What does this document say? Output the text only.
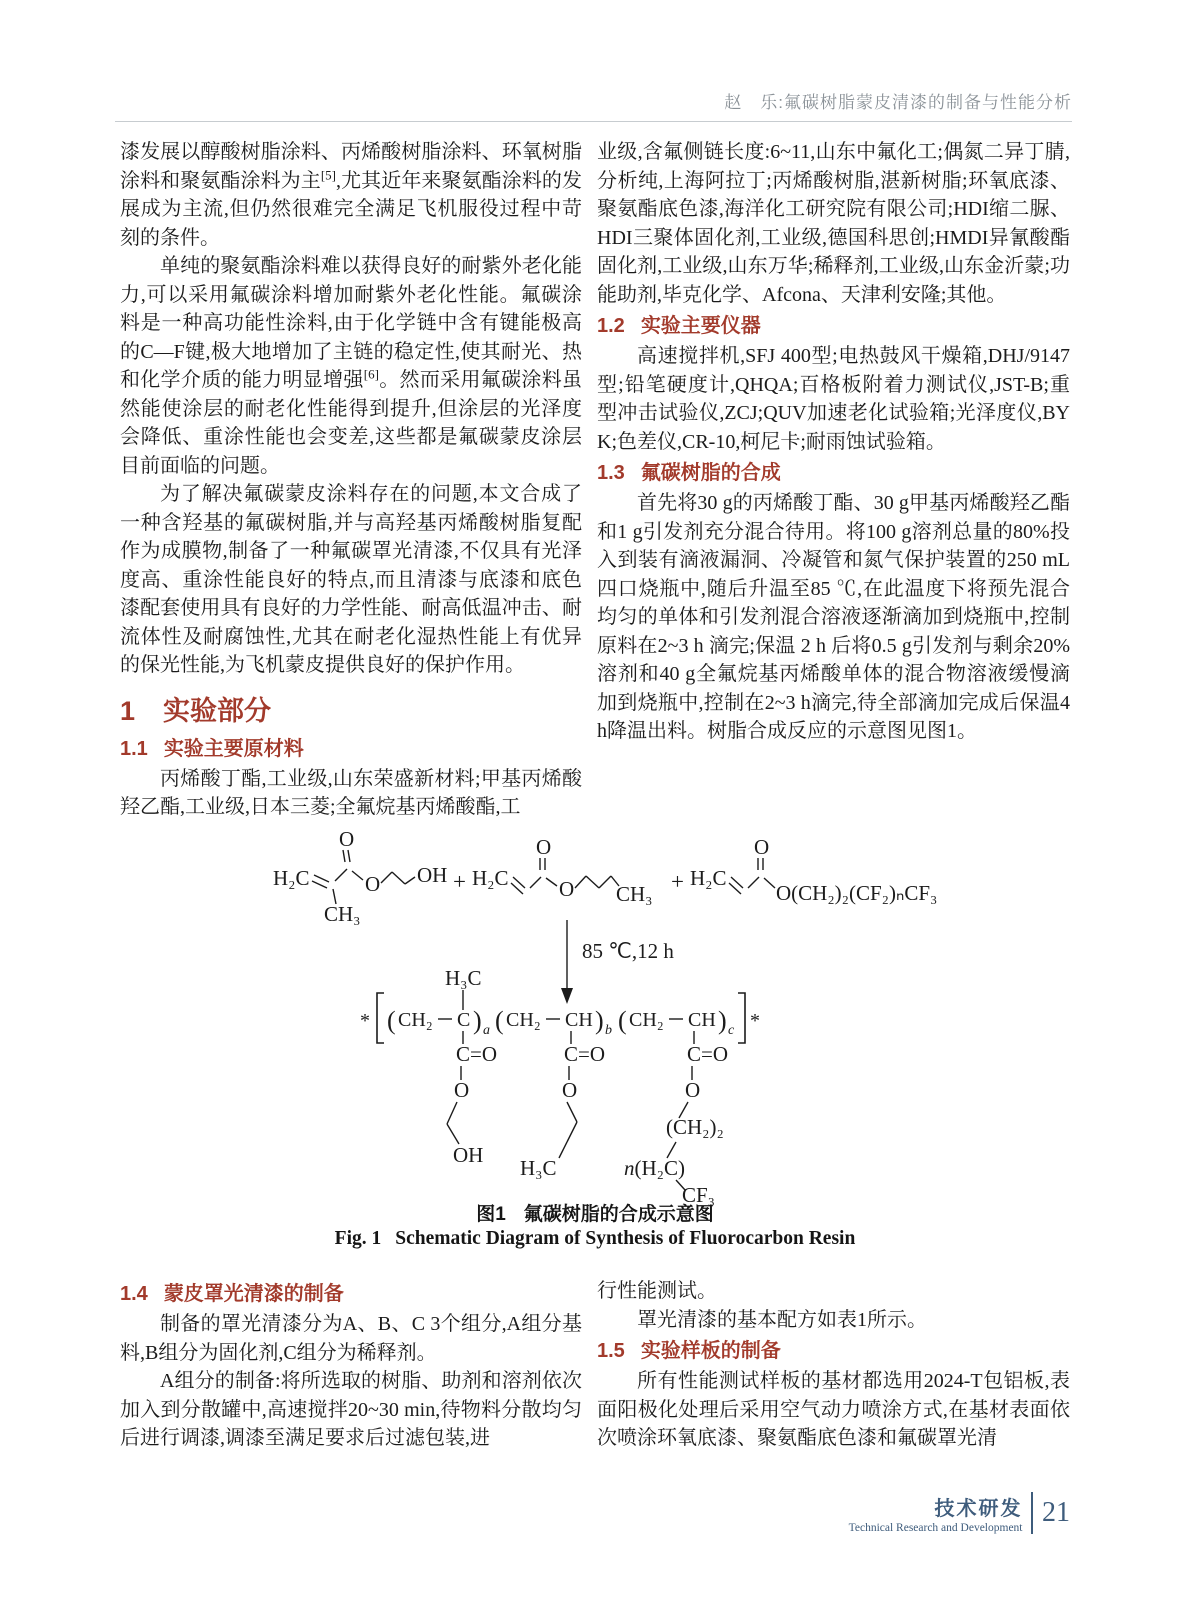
赵　乐:氟碳树脂蒙皮清漆的制备与性能分析

漆发展以醇酸树脂涂料、丙烯酸树脂涂料、环氧树脂涂料和聚氨酯涂料为主[5],尤其近年来聚氨酯涂料的发展成为主流,但仍然很难完全满足飞机服役过程中苛刻的条件。

单纯的聚氨酯涂料难以获得良好的耐紫外老化能力,可以采用氟碳涂料增加耐紫外老化性能。氟碳涂料是一种高功能性涂料,由于化学链中含有键能极高的C—F键,极大地增加了主链的稳定性,使其耐光、热和化学介质的能力明显增强[6]。然而采用氟碳涂料虽然能使涂层的耐老化性能得到提升,但涂层的光泽度会降低、重涂性能也会变差,这些都是氟碳蒙皮涂层目前面临的问题。

为了解决氟碳蒙皮涂料存在的问题,本文合成了一种含羟基的氟碳树脂,并与高羟基丙烯酸树脂复配作为成膜物,制备了一种氟碳罩光清漆,不仅具有光泽度高、重涂性能良好的特点,而且清漆与底漆和底色漆配套使用具有良好的力学性能、耐高低温冲击、耐流体性及耐腐蚀性,尤其在耐老化湿热性能上有优异的保光性能,为飞机蒙皮提供良好的保护作用。

1 实验部分
1.1 实验主要原材料

丙烯酸丁酯,工业级,山东荣盛新材料;甲基丙烯酸羟乙酯,工业级,日本三菱;全氟烷基丙烯酸酯,工

业级,含氟侧链长度:6~11,山东中氟化工;偶氮二异丁腈,分析纯,上海阿拉丁;丙烯酸树脂,湛新树脂;环氧底漆、聚氨酯底色漆,海洋化工研究院有限公司;HDI缩二脲、HDI三聚体固化剂,工业级,德国科思创;HMDI异氰酸酯固化剂,工业级,山东万华;稀释剂,工业级,山东金沂蒙;功能助剂,毕克化学、Afcona、天津利安隆;其他。

1.2 实验主要仪器

高速搅拌机,SFJ 400型;电热鼓风干燥箱,DHJ/9147型;铅笔硬度计,QHQA;百格板附着力测试仪,JST-B;重型冲击试验仪,ZCJ;QUV加速老化试验箱;光泽度仪,BYK;色差仪,CR-10,柯尼卡;耐雨蚀试验箱。

1.3 氟碳树脂的合成

首先将30 g的丙烯酸丁酯、30 g甲基丙烯酸羟乙酯和1 g引发剂充分混合待用。将100 g溶剂总量的80%投入到装有滴液漏洞、冷凝管和氮气保护装置的250 mL四口烧瓶中,随后升温至85 ℃,在此温度下将预先混合均匀的单体和引发剂混合溶液逐渐滴加到烧瓶中,控制原料在2~3 h 滴完;保温 2 h 后将0.5 g引发剂与剩余20%溶剂和40 g全氟烷基丙烯酸单体的混合物溶液缓慢滴加到烧瓶中,控制在2~3 h滴完,待全部滴加完成后保温4 h降温出料。树脂合成反应的示意图见图1。

H₂C
O
CH₃
O OH + H₂C
O
O CH₃ + H₂C
O
O(CH₂)₂(CF₂)ₙCF₃
85 ℃,12 h
H₃C
* ( CH₂ C ) a ( CH₂ CH ) b ( CH₂ CH ) c *
C=O
O
OH
C=O
O
H₃C
C=O
O
(CH₂)₂
n(H₂C)
CF₃
图1 氟碳树脂的合成示意图
Fig. 1 Schematic Diagram of Synthesis of Fluorocarbon Resin
1.4 蒙皮罩光清漆的制备

制备的罩光清漆分为A、B、C 3个组分,A组分基料,B组分为固化剂,C组分为稀释剂。

A组分的制备:将所选取的树脂、助剂和溶剂依次加入到分散罐中,高速搅拌20~30 min,待物料分散均匀后进行调漆,调漆至满足要求后过滤包装,进

行性能测试。

罩光清漆的基本配方如表1所示。

1.5 实验样板的制备

所有性能测试样板的基材都选用2024-T包铝板,表面阳极化处理后采用空气动力喷涂方式,在基材表面依次喷涂环氧底漆、聚氨酯底色漆和氟碳罩光清

技术研发
Technical Research and Development 21
